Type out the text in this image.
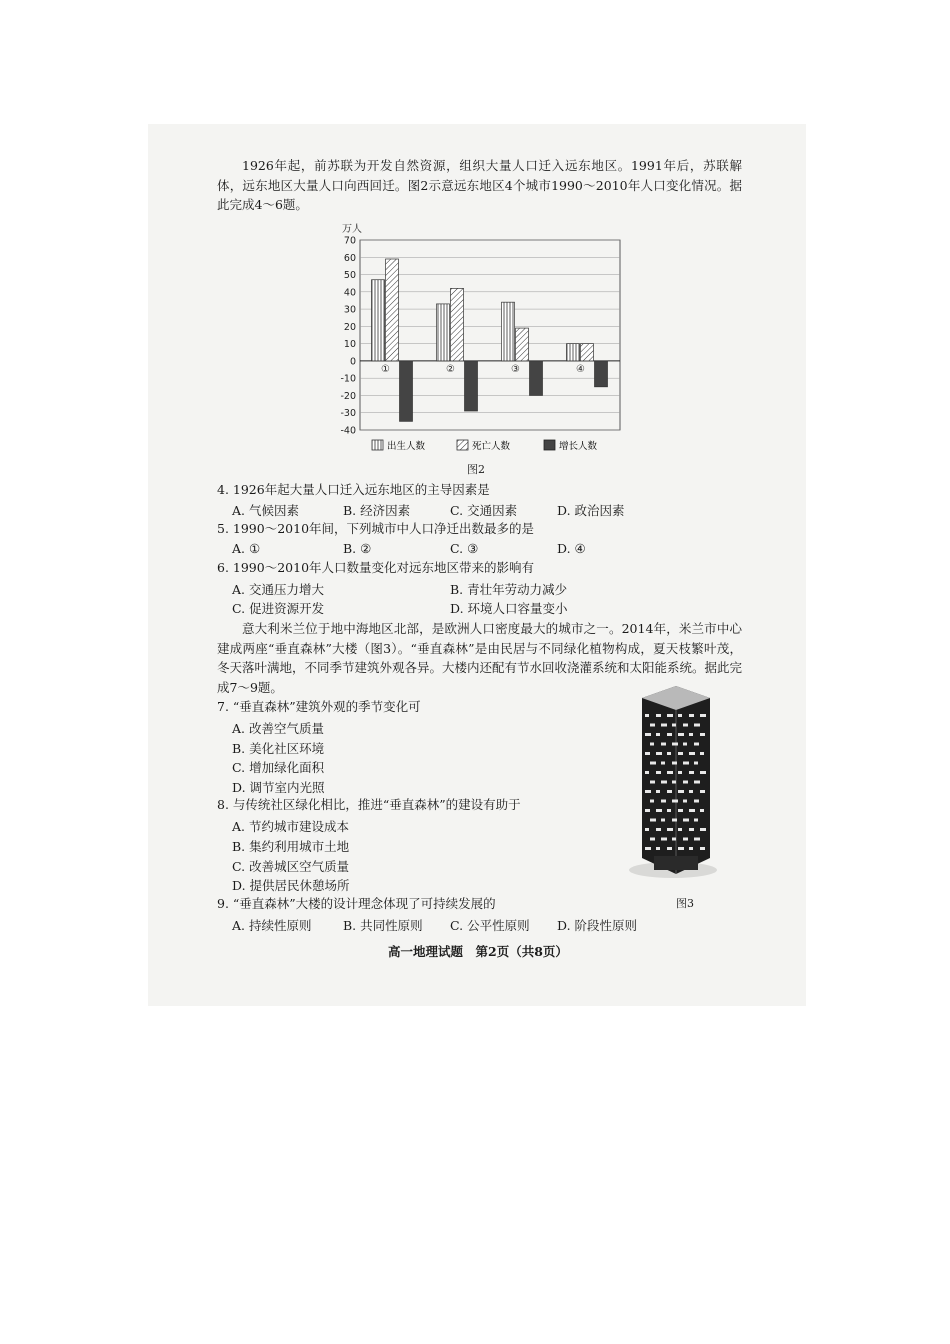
1926年起，前苏联为开发自然资源，组织大量人口迁入远东地区。1991年后，苏联解体，远东地区大量人口向西回迁。图2示意远东地区4个城市1990～2010年人口变化情况。据此完成4～6题。

70
60
50
40
30
20
10
0
-10
-20
-30
-40
①	②	③	④
万人
出生人数	死亡人数	增长人数
图2
4. 1926年起大量人口迁入远东地区的主导因素是
A. 气候因素	B. 经济因素	C. 交通因素	D. 政治因素
5. 1990～2010年间，下列城市中人口净迁出数最多的是
A. ①	B. ②	C. ③	D. ④
6. 1990～2010年人口数量变化对远东地区带来的影响有
A. 交通压力增大	B. 青壮年劳动力减少
C. 促进资源开发	D. 环境人口容量变小

意大利米兰位于地中海地区北部，是欧洲人口密度最大的城市之一。2014年，米兰市中心建成两座“垂直森林”大楼（图3）。“垂直森林”是由民居与不同绿化植物构成，夏天枝繁叶茂，冬天落叶满地，不同季节建筑外观各异。大楼内还配有节水回收浇灌系统和太阳能系统。据此完成7～9题。

7. “垂直森林”建筑外观的季节变化可
A. 改善空气质量
B. 美化社区环境
C. 增加绿化面积
D. 调节室内光照
8. 与传统社区绿化相比，推进“垂直森林”的建设有助于
A. 节约城市建设成本
B. 集约利用城市土地
C. 改善城区空气质量
D. 提供居民休憩场所
9. “垂直森林”大楼的设计理念体现了可持续发展的
A. 持续性原则	B. 共同性原则 C. 公平性原则 D. 阶段性原则
图3
高一地理试题　第2页（共8页）
